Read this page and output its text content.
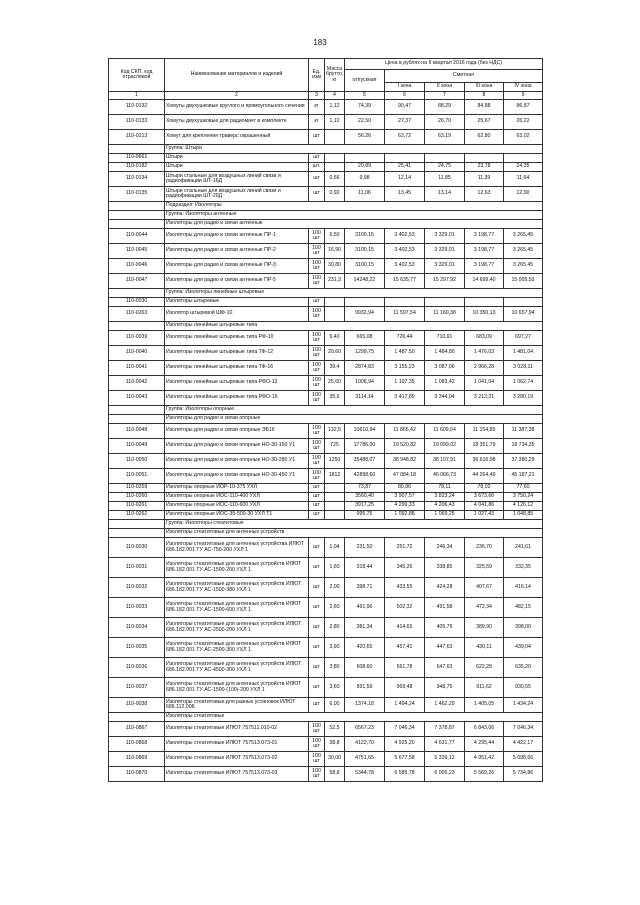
183
Код СКП, код отраслевой	Наименование материалов и изделий	Ед. изм	Масса брутто, кг	Цена в рублях на II квартал 2016 года (без НДС)				
				отпускная	Сметная			
					I зона	II зона	III зона	IV зона
1	2	3	4	5	6	7	8	9
110-0132	Хомуты двухушковые круглого и прямоугольного сечения	кг	1,12	74,39	90,47	88,29	84,88	86,87
110-0133	Хомуты двухушковые для радиомачт в комплекте	кг	1,12	22,50	27,37	26,70	25,67	26,22
110-0213	Хомут для крепления траверс окрашенный	шт		56,26	63,72	63,19	62,80	63,02
	Группа: Штыри							
110-9661	Штыри	шт						
110-0182	Штыри	шт.		20,89	25,41	24,75	23,78	24,35
110-0134	Штыри стальные для воздушных линий связи и радиофикации ШТ-16Д	шт	0,56	9,98	12,14	11,85	11,39	11,64
110-0135	Штыри стальные для воздушных линий связи и радиофикации ШТ-20Д	шт	0,92	11,06	13,45	13,14	12,63	12,90
	Подраздел: Изоляторы							
	Группа: Изоляторы антенные							
	Изоляторы для радио и связи антенные							
110-0044	Изоляторы для радио и связи антенные ПР-1	100 шт	6,50	3100,15	3 402,53	3 329,01	3 198,77	3 265,45
110-0045	Изоляторы для радио и связи антенные ПР-2	100 шт	16,90	3100,15	3 402,53	3 329,01	3 198,77	3 265,45
110-0046	Изоляторы для радио и связи антенные ПР-3	100 шт	30,80	3100,15	3 402,53	3 329,01	3 198,77	3 265,45
110-0047	Изоляторы для радио и связи антенные ПР-5	100 шт	231,3	14248,22	15 635,77	15 297,92	14 699,40	15 005,93
	Группа: Изоляторы линейные штыревые							
110-0030	Изоляторы штыревые	шт						
110-0263	Изолятор штыревой ШФ-10	100 шт		9932,94	11 597,54	11 160,38	10 350,13	10 657,94
	Изоляторы линейные штыревые типа							
110-0039	Изоляторы линейные штыревые типа РФ-10	100 шт	9,40	665,08	726,44	710,91	683,09	697,27
110-0040	Изоляторы линейные штыревые типа ТФ-12	100 шт	20,60	1299,75	1 487,50	1 484,80	1 476,03	1 481,04
110-0041	Изоляторы линейные штыревые типа ТФ-16	100 шт	39,4	2874,83	3 155,23	3 087,06	2 966,28	3 028,11
110-0042	Изоляторы линейные штыревые типа РФО-12	100 шт	25,60	1008,94	1 107,35	1 083,42	1 041,04	1 062,74
110-0043	Изоляторы линейные штыревые типа РФО-16	100 шт	35,6	3114,14	3 417,89	3 344,04	3 213,21	3 280,19
	Группа: Изоляторы опорные							
	Изоляторы для радио и связи опорные							
110-0048	Изоляторы для радио и связи опорные ЭБ16	100 шт	132,5	10610,94	11 865,42	11 609,04	11 154,85	11 387,38
110-0049	Изоляторы для радио и связи опорные НО-30-150 У1	100 шт	725	17786,00	19 520,82	19 099,02	18 351,79	18 734,35
110-0050	Изоляторы для радио и связи опорные НО-30-280 У1	100 шт	1250	35488,07	38 948,82	38 107,91	36 616,98	37 380,29
110-0051	Изоляторы для радио и связи опорные НО-30-450 У1	100 шт	1812	42898,60	47 084,18	46 066,73	44 264,49	45 187,21
110-0259	Изоляторы опорные ИОР-10-375 УХЛ	шт		73,87	80,86	78,11	78,02	77,60
110-0260	Изоляторы опорные ИОС-110-400 УХЛ	шт		3560,40	3 907,57	3 823,24	3 673,66	3 750,24
110-0261	Изоляторы опорные ИОС-110-600 УХЛ	шт		3917,25	4 299,33	4 206,43	4 041,86	4 126,12
110-0262	Изоляторы опорные ИОС-35-500-30 УХЛ Т1	шт		995,75	1 092,88	1 069,25	1 027,43	1 048,85
	Группа: Изоляторы стеатитовые							
	Изоляторы стеатитовые для антенных устройств							
110-0030	Изоляторы стеатитовые для антенных устройства ИЛЮТ 686.182.001 ТУ АС-750-200 УХЛ 1	шт	1,04	231,50	251,72	246,34	236,70	241,61
110-0031	Изоляторы стеатитовые для антенных устройств ИЛЮТ 686.182.001 ТУ АС-1500-200 УХЛ 1	шт	1,60	318,44	345,26	338,85	325,59	332,35
110-0032	Изоляторы стеатитовые для антенных устройств ИЛЮТ 686.182.001 ТУ АС-1500-380 УХЛ 1	шт	2,00	398,71	433,55	424,28	407,67	416,14
110-0033	Изоляторы стеатитовые для антенных устройств ИЛЮТ 686.182.001 ТУ АС-1500-600 УХЛ 1	шт	2,60	461,96	502,32	491,58	472,34	482,15
110-0034	Изоляторы стеатитовые для антенных устройств ИЛЮТ 686.182.001 ТУ АС-2500-200 УХЛ 1	шт	2,80	381,34	414,65	405,79	389,90	398,00
110-0035	Изоляторы стеатитовые для антенных устройств ИЛЮТ 686.182.001 ТУ АС-2500-300 УХЛ 1	шт	3,90	420,65	457,41	447,63	430,11	439,04
110-0036	Изоляторы стеатитовые для антенных устройств ИЛЮТ 686.182.001 ТУ АС-4500-300 УХЛ 1	шт	3,80	608,60	661,78	647,63	622,28	635,20
110-0037	Изоляторы стеатитовые для антенных устройств ИЛЮТ 686.182.001 ТУ АС-1500-(100)-200 УХЛ 1	шт	3,60	891,59	969,48	948,75	911,62	930,55
110-0038	Изоляторы стеатитовые для разных установок ИЛЮТ 686.112.008	шт	6,00	1374,18	1 494,24	1 462,29	1 405,05	1 434,24
	Изоляторы стеатитовые							
110-0867	Изоляторы стеатитовые ИЛЮТ 757511.010-02	100 шт	52,5	6567,23	7 046,34	7 378,87	6 843,06	7 046,34
110-0868	Изоляторы стеатитовые ИЛЮТ 757513.073-01	100 шт	38,8	4122,70	4 925,20	4 631,77	4 295,44	4 422,17
110-0869	Изоляторы стеатитовые ИЛЮТ 757513.073-02	100 шт	30,00	4751,65	5 677,58	5 339,12	4 951,42	5 098,66
110-0870	Изоляторы стеатитовые ИЛЮТ 757513.073-03	100 шт	58,8	5344,78	6 585,78	6 005,23	5 569,26	5 734,86
